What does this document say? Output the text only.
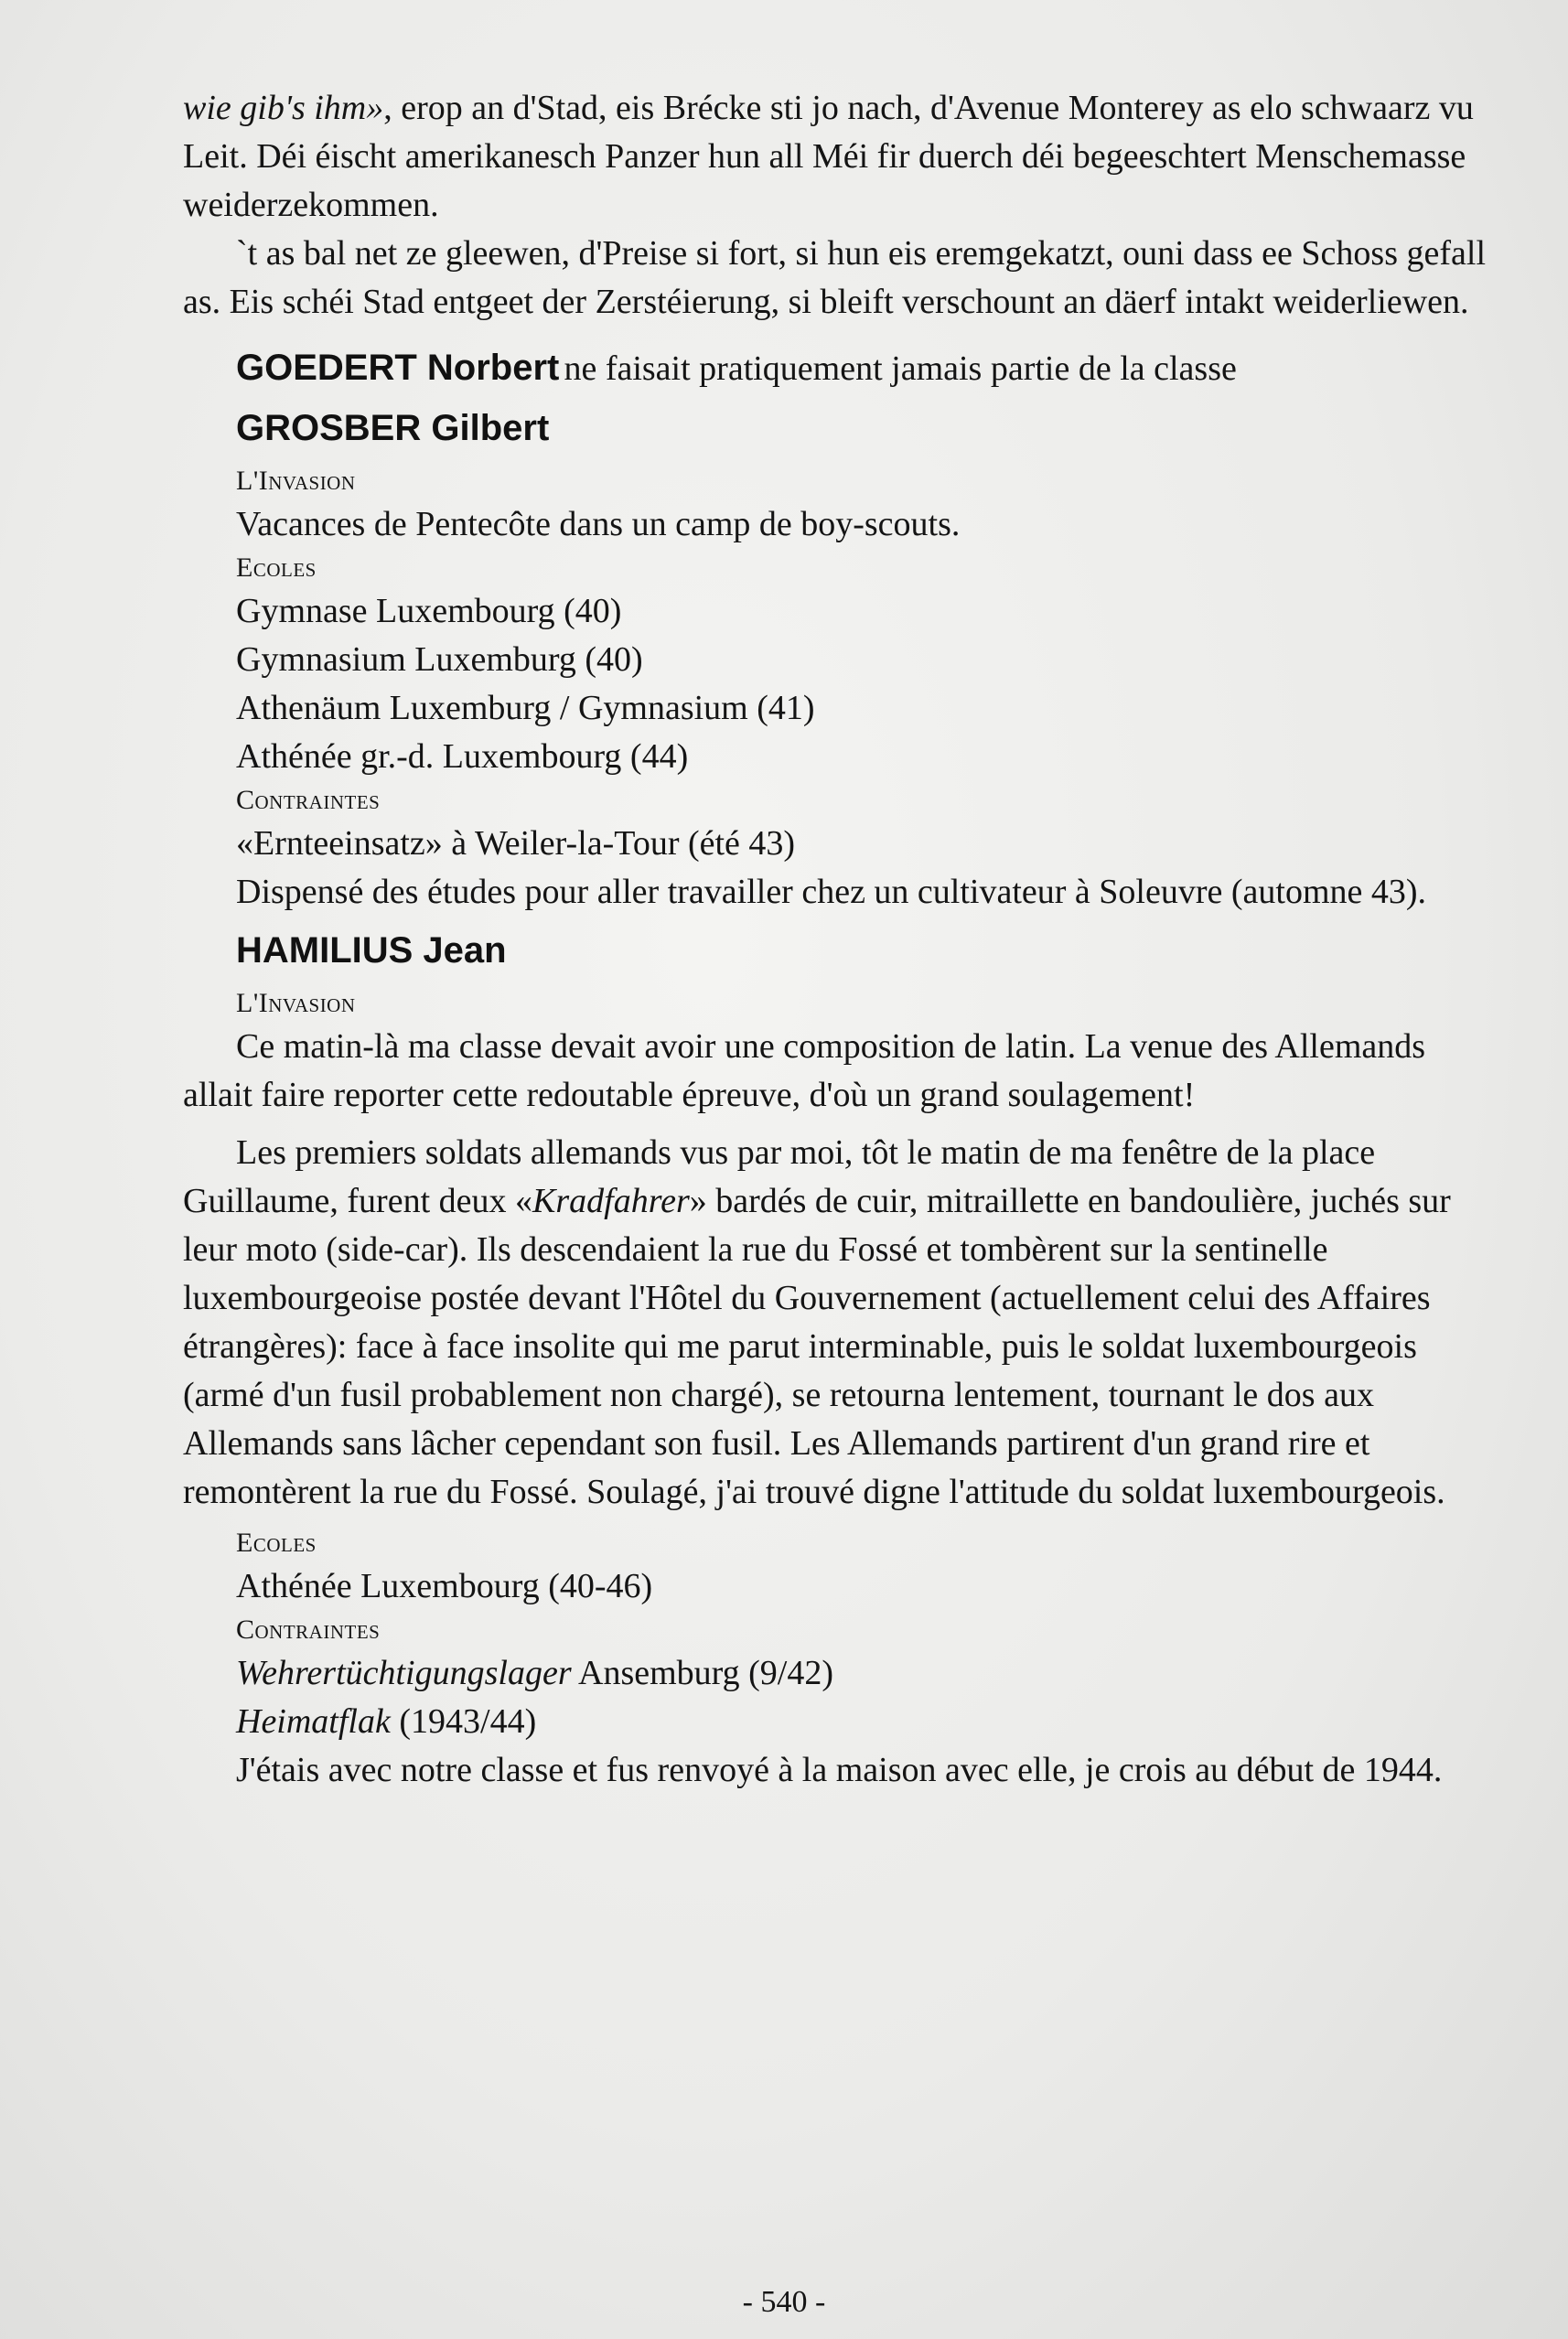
wie gib's ihm», erop an d'Stad, eis Brécke sti jo nach, d'Avenue Monterey as elo schwaarz vu Leit. Déi éischt amerikanesch Panzer hun all Méi fir duerch déi begeeschtert Menschemasse weiderzekommen.

`t as bal net ze gleewen, d'Preise si fort, si hun eis eremgekatzt, ouni dass ee Schoss gefall as. Eis schéi Stad entgeet der Zerstéierung, si bleift verschount an däerf intakt weiderliewen.

GOEDERT Norbert ne faisait pratiquement jamais partie de la classe

GROSBER Gilbert

L'Invasion

Vacances de Pentecôte dans un camp de boy-scouts.

Ecoles

Gymnase Luxembourg (40)

Gymnasium Luxemburg (40)

Athenäum Luxemburg / Gymnasium (41)

Athénée gr.-d. Luxembourg (44)

Contraintes

«Ernteeinsatz» à Weiler-la-Tour (été 43)

Dispensé des études pour aller travailler chez un cultivateur à Soleuvre (automne 43).

HAMILIUS Jean

L'Invasion

Ce matin-là ma classe devait avoir une composition de latin. La venue des Allemands allait faire reporter cette redoutable épreuve, d'où un grand soulagement!

Les premiers soldats allemands vus par moi, tôt le matin de ma fenêtre de la place Guillaume, furent deux «Kradfahrer» bardés de cuir, mitraillette en bandoulière, juchés sur leur moto (side-car). Ils descendaient la rue du Fossé et tombèrent sur la sentinelle luxembourgeoise postée devant l'Hôtel du Gouvernement (actuellement celui des Affaires étrangères): face à face insolite qui me parut interminable, puis le soldat luxembourgeois (armé d'un fusil probablement non chargé), se retourna lentement, tournant le dos aux Allemands sans lâcher cependant son fusil. Les Allemands partirent d'un grand rire et remontèrent la rue du Fossé. Soulagé, j'ai trouvé digne l'attitude du soldat luxembourgeois.

Ecoles

Athénée Luxembourg (40-46)

Contraintes

Wehrertüchtigungslager Ansemburg (9/42)

Heimatflak (1943/44)

J'étais avec notre classe et fus renvoyé à la maison avec elle, je crois au début de 1944.

- 540 -
